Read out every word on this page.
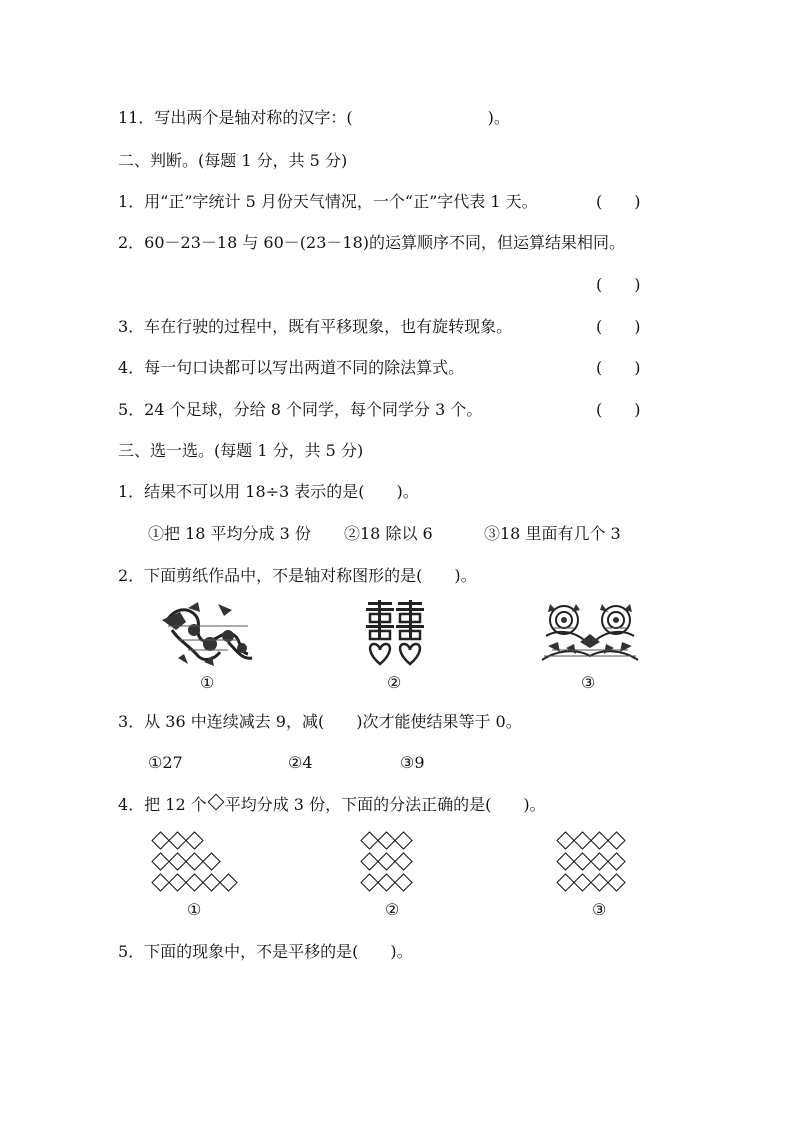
11．写出两个是轴对称的汉字：(	)。
二、判断。(每题 1 分，共 5 分)
1．用“正”字统计 5 月份天气情况，一个“正”字代表 1 天。	(　　)
2．60－23－18 与 60－(23－18)的运算顺序不同，但运算结果相同。
(　　)
3．车在行驶的过程中，既有平移现象，也有旋转现象。	(　　)
4．每一句口诀都可以写出两道不同的除法算式。	(　　)
5．24 个足球，分给 8 个同学，每个同学分 3 个。	(　　)
三、选一选。(每题 1 分，共 5 分)
1．结果不可以用 18÷3 表示的是(　　)。
①把 18 平均分成 3 份 ②18 除以 6	③18 里面有几个 3
2．下面剪纸作品中，不是轴对称图形的是(　　)。
①	②	③
3．从 36 中连续减去 9，减(　　)次才能使结果等于 0。
①27	②4	③9
4．把 12 个 平均分成 3 份，下面的分法正确的是(　　)。
①	②	③
5．下面的现象中，不是平移的是(　　)。
